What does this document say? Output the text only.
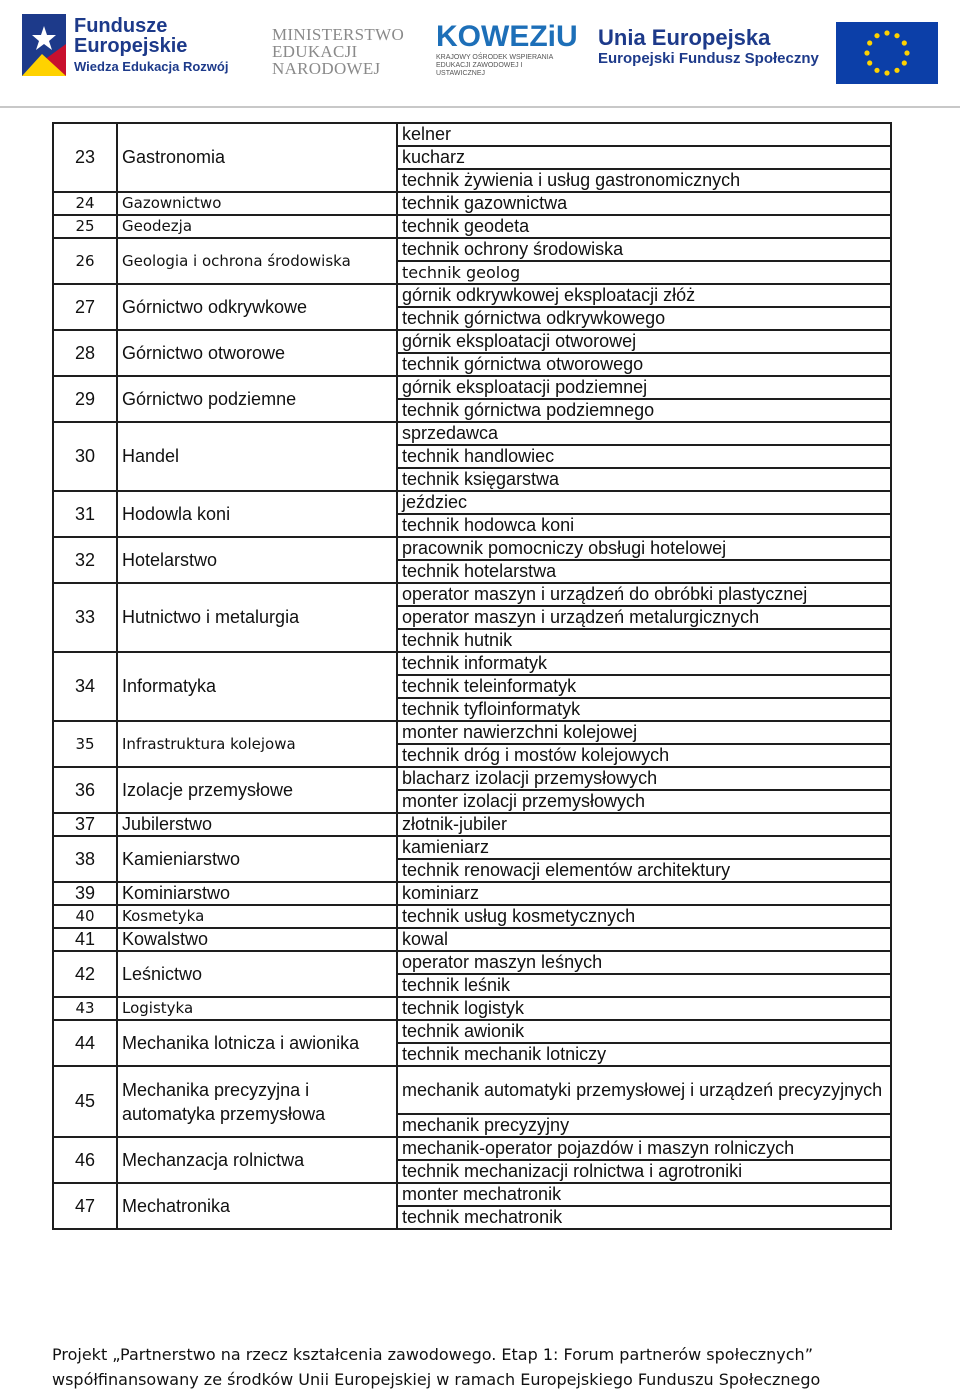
Fundusze
Europejskie
Wiedza Edukacja Rozwój
MINISTERSTWO
EDUKACJI
NARODOWEJ
KOWEZiU
KRAJOWY OŚRODEK WSPIERANIA EDUKACJI ZAWODOWEJ I USTAWICZNEJ
Unia Europejska
Europejski Fundusz Społeczny
23	Gastronomia	kelner
		kucharz
		technik żywienia i usług gastronomicznych
24	Gazownictwo	technik gazownictwa
25	Geodezja	technik geodeta
26	Geologia i ochrona środowiska	technik ochrony środowiska
		technik geolog
27	Górnictwo odkrywkowe	górnik odkrywkowej eksploatacji złóż
		technik górnictwa odkrywkowego
28	Górnictwo otworowe	górnik eksploatacji otworowej
		technik górnictwa otworowego
29	Górnictwo podziemne	górnik eksploatacji podziemnej
		technik górnictwa podziemnego
30	Handel	sprzedawca
		technik handlowiec
		technik księgarstwa
31	Hodowla koni	jeździec
		technik hodowca koni
32	Hotelarstwo	pracownik pomocniczy obsługi hotelowej
		technik hotelarstwa
33	Hutnictwo i metalurgia	operator maszyn i urządzeń do obróbki plastycznej
		operator maszyn i urządzeń metalurgicznych
		technik hutnik
34	Informatyka	technik informatyk
		technik teleinformatyk
		technik tyfloinformatyk
35	Infrastruktura kolejowa	monter nawierzchni kolejowej
		technik dróg i mostów kolejowych
36	Izolacje przemysłowe	blacharz izolacji przemysłowych
		monter izolacji przemysłowych
37	Jubilerstwo	złotnik-jubiler
38	Kamieniarstwo	kamieniarz
		technik renowacji elementów architektury
39	Kominiarstwo	kominiarz
40	Kosmetyka	technik usług kosmetycznych
41	Kowalstwo	kowal
42	Leśnictwo	operator maszyn leśnych
		technik leśnik
43	Logistyka	technik logistyk
44	Mechanika lotnicza i awionika	technik awionik
		technik mechanik lotniczy
45	Mechanika precyzyjna i automatyka przemysłowa	mechanik automatyki przemysłowej i urządzeń precyzyjnych
		mechanik precyzyjny
46	Mechanzacja rolnictwa	mechanik-operator pojazdów i maszyn rolniczych
		technik mechanizacji rolnictwa i agrotroniki
47	Mechatronika	monter mechatronik
		technik mechatronik
Projekt „Partnerstwo na rzecz kształcenia zawodowego. Etap 1: Forum partnerów społecznych”
współfinansowany ze środków Unii Europejskiej w ramach Europejskiego Funduszu Społecznego
